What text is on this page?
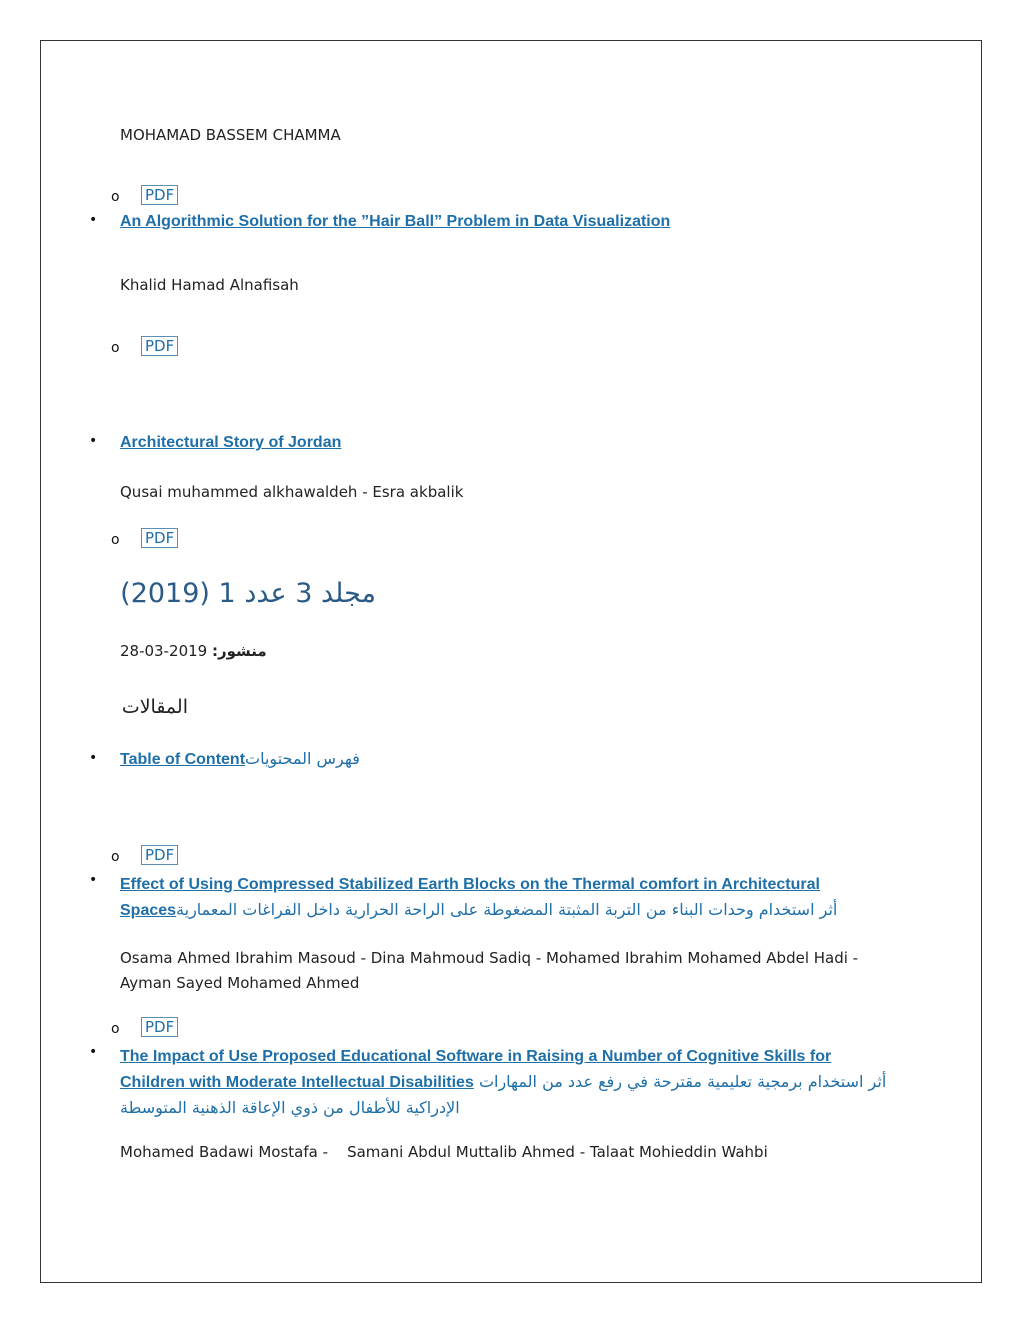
MOHAMAD BASSEM CHAMMA
o PDF
• An Algorithmic Solution for the ”Hair Ball” Problem in Data Visualization
Khalid Hamad Alnafisah
o PDF
• Architectural Story of Jordan
Qusai muhammed alkhawaldeh - Esra akbalik
o PDF
مجلد 3 عدد 1 (2019)
منشور: 2019-03-28
المقالات
• Table of Contentفهرس المحتويات
o PDF
• Effect of Using Compressed Stabilized Earth Blocks on the Thermal comfort in Architectural Spacesأثر استخدام وحدات البناء من التربة المثبتة المضغوطة على الراحة الحرارية داخل الفراغات المعمارية
Osama Ahmed Ibrahim Masoud - Dina Mahmoud Sadiq - Mohamed Ibrahim Mohamed Abdel Hadi - Ayman Sayed Mohamed Ahmed
o PDF
• The Impact of Use Proposed Educational Software in Raising a Number of Cognitive Skills for Children with Moderate Intellectual Disabilities أثر استخدام برمجية تعليمية مقترحة في رفع عدد من المهارات الإدراكية للأطفال من ذوي الإعاقة الذهنية المتوسطة
Mohamed Badawi Mostafa -    Samani Abdul Muttalib Ahmed - Talaat Mohieddin Wahbi
